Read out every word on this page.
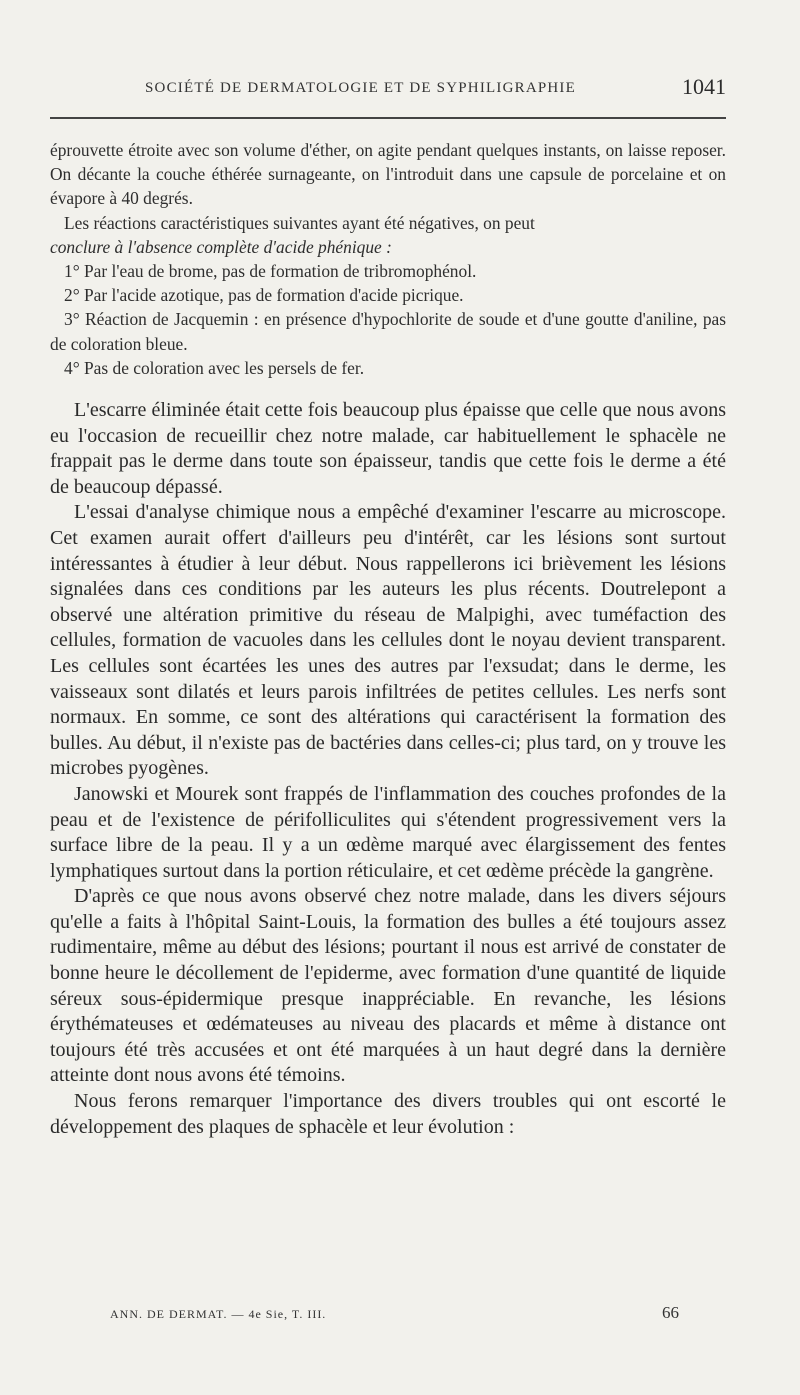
SOCIÉTÉ DE DERMATOLOGIE ET DE SYPHILIGRAPHIE	1041

éprouvette étroite avec son volume d'éther, on agite pendant quelques instants, on laisse reposer. On décante la couche éthérée surnageante, on l'introduit dans une capsule de porcelaine et on évapore à 40 degrés.

Les réactions caractéristiques suivantes ayant été négatives, on peut

conclure à l'absence complète d'acide phénique :

1° Par l'eau de brome, pas de formation de tribromophénol.

2° Par l'acide azotique, pas de formation d'acide picrique.

3° Réaction de Jacquemin : en présence d'hypochlorite de soude et d'une goutte d'aniline, pas de coloration bleue.

4° Pas de coloration avec les persels de fer.

L'escarre éliminée était cette fois beaucoup plus épaisse que celle que nous avons eu l'occasion de recueillir chez notre malade, car habituellement le sphacèle ne frappait pas le derme dans toute son épaisseur, tandis que cette fois le derme a été de beaucoup dépassé.

L'essai d'analyse chimique nous a empêché d'examiner l'escarre au microscope. Cet examen aurait offert d'ailleurs peu d'intérêt, car les lésions sont surtout intéressantes à étudier à leur début. Nous rappellerons ici brièvement les lésions signalées dans ces conditions par les auteurs les plus récents. Doutrelepont a observé une altération primitive du réseau de Malpighi, avec tuméfaction des cellules, formation de vacuoles dans les cellules dont le noyau devient transparent. Les cellules sont écartées les unes des autres par l'exsudat; dans le derme, les vaisseaux sont dilatés et leurs parois infiltrées de petites cellules. Les nerfs sont normaux. En somme, ce sont des altérations qui caractérisent la formation des bulles. Au début, il n'existe pas de bactéries dans celles-ci; plus tard, on y trouve les microbes pyogènes.

Janowski et Mourek sont frappés de l'inflammation des couches profondes de la peau et de l'existence de périfolliculites qui s'étendent progressivement vers la surface libre de la peau. Il y a un œdème marqué avec élargissement des fentes lymphatiques surtout dans la portion réticulaire, et cet œdème précède la gangrène.

D'après ce que nous avons observé chez notre malade, dans les divers séjours qu'elle a faits à l'hôpital Saint-Louis, la formation des bulles a été toujours assez rudimentaire, même au début des lésions; pourtant il nous est arrivé de constater de bonne heure le décollement de l'epiderme, avec formation d'une quantité de liquide séreux sous-épidermique presque inappréciable. En revanche, les lésions érythémateuses et œdémateuses au niveau des placards et même à distance ont toujours été très accusées et ont été marquées à un haut degré dans la dernière atteinte dont nous avons été témoins.

Nous ferons remarquer l'importance des divers troubles qui ont escorté le développement des plaques de sphacèle et leur évolution :

ANN. DE DERMAT. — 4e Sie, T. III.	66
